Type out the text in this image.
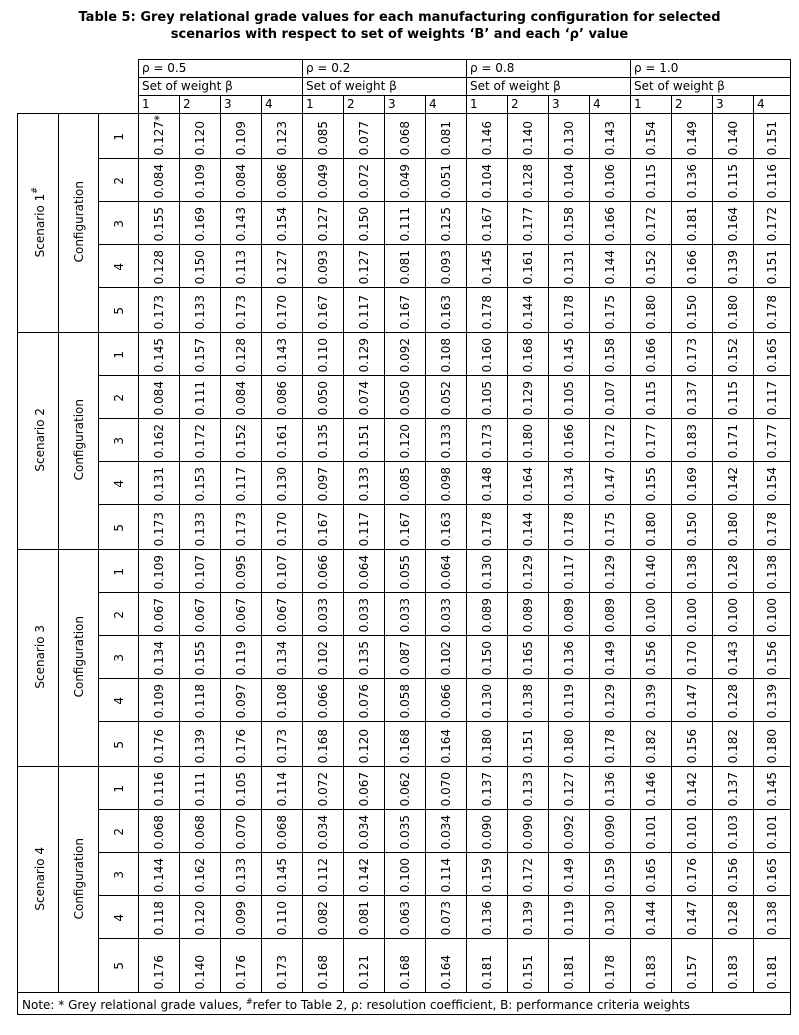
Table 5: Grey relational grade values for each manufacturing configuration for selected
scenarios with respect to set of weights ‘Β’ and each ‘ρ’ value
			ρ = 0.5				ρ = 0.2				ρ = 0.8				ρ = 1.0			
			Set of weight β				Set of weight β				Set of weight β				Set of weight β			
			1	2	3	4	1	2	3	4	1	2	3	4	1	2	3	4
Scenario 1#	Configuration	1	0.127*	0.120	0.109	0.123	0.085	0.077	0.068	0.081	0.146	0.140	0.130	0.143	0.154	0.149	0.140	0.151
		2	0.084	0.109	0.084	0.086	0.049	0.072	0.049	0.051	0.104	0.128	0.104	0.106	0.115	0.136	0.115	0.116
		3	0.155	0.169	0.143	0.154	0.127	0.150	0.111	0.125	0.167	0.177	0.158	0.166	0.172	0.181	0.164	0.172
		4	0.128	0.150	0.113	0.127	0.093	0.127	0.081	0.093	0.145	0.161	0.131	0.144	0.152	0.166	0.139	0.151
		5	0.173	0.133	0.173	0.170	0.167	0.117	0.167	0.163	0.178	0.144	0.178	0.175	0.180	0.150	0.180	0.178
Scenario 2	Configuration	1	0.145	0.157	0.128	0.143	0.110	0.129	0.092	0.108	0.160	0.168	0.145	0.158	0.166	0.173	0.152	0.165
		2	0.084	0.111	0.084	0.086	0.050	0.074	0.050	0.052	0.105	0.129	0.105	0.107	0.115	0.137	0.115	0.117
		3	0.162	0.172	0.152	0.161	0.135	0.151	0.120	0.133	0.173	0.180	0.166	0.172	0.177	0.183	0.171	0.177
		4	0.131	0.153	0.117	0.130	0.097	0.133	0.085	0.098	0.148	0.164	0.134	0.147	0.155	0.169	0.142	0.154
		5	0.173	0.133	0.173	0.170	0.167	0.117	0.167	0.163	0.178	0.144	0.178	0.175	0.180	0.150	0.180	0.178
Scenario 3	Configuration	1	0.109	0.107	0.095	0.107	0.066	0.064	0.055	0.064	0.130	0.129	0.117	0.129	0.140	0.138	0.128	0.138
		2	0.067	0.067	0.067	0.067	0.033	0.033	0.033	0.033	0.089	0.089	0.089	0.089	0.100	0.100	0.100	0.100
		3	0.134	0.155	0.119	0.134	0.102	0.135	0.087	0.102	0.150	0.165	0.136	0.149	0.156	0.170	0.143	0.156
		4	0.109	0.118	0.097	0.108	0.066	0.076	0.058	0.066	0.130	0.138	0.119	0.129	0.139	0.147	0.128	0.139
		5	0.176	0.139	0.176	0.173	0.168	0.120	0.168	0.164	0.180	0.151	0.180	0.178	0.182	0.156	0.182	0.180
Scenario 4	Configuration	1	0.116	0.111	0.105	0.114	0.072	0.067	0.062	0.070	0.137	0.133	0.127	0.136	0.146	0.142	0.137	0.145
		2	0.068	0.068	0.070	0.068	0.034	0.034	0.035	0.034	0.090	0.090	0.092	0.090	0.101	0.101	0.103	0.101
		3	0.144	0.162	0.133	0.145	0.112	0.142	0.100	0.114	0.159	0.172	0.149	0.159	0.165	0.176	0.156	0.165
		4	0.118	0.120	0.099	0.110	0.082	0.081	0.063	0.073	0.136	0.139	0.119	0.130	0.144	0.147	0.128	0.138
		5	0.176	0.140	0.176	0.173	0.168	0.121	0.168	0.164	0.181	0.151	0.181	0.178	0.183	0.157	0.183	0.181
Note: * Grey relational grade values, #refer to Table 2, ρ: resolution coefficient, Β: performance criteria weights																		
